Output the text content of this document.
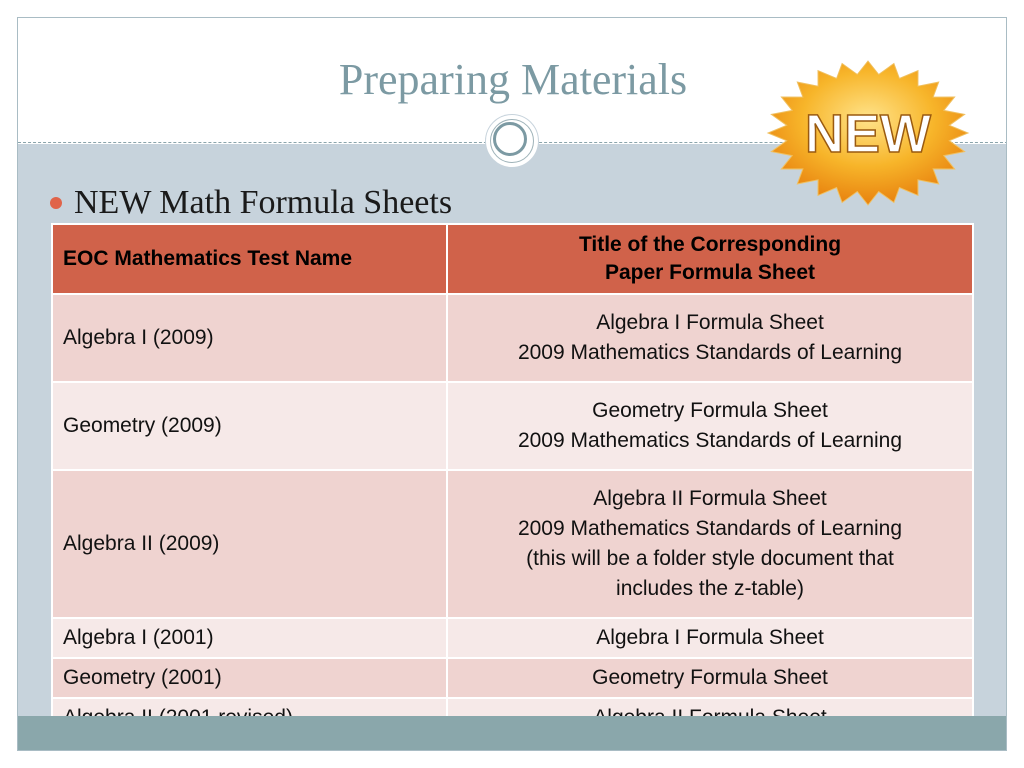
Preparing Materials
NEW
NEW Math Formula Sheets
EOC Mathematics Test Name	Title of the Corresponding
Paper Formula Sheet

Algebra I (2009)	Algebra I Formula Sheet
2009 Mathematics Standards of Learning

Geometry (2009)	Geometry Formula Sheet
2009 Mathematics Standards of Learning

Algebra II (2009)	Algebra II Formula Sheet
2009 Mathematics Standards of Learning
(this will be a folder style document that
includes the z-table)

Algebra I (2001)	Algebra I Formula Sheet

Geometry (2001)	Geometry Formula Sheet
